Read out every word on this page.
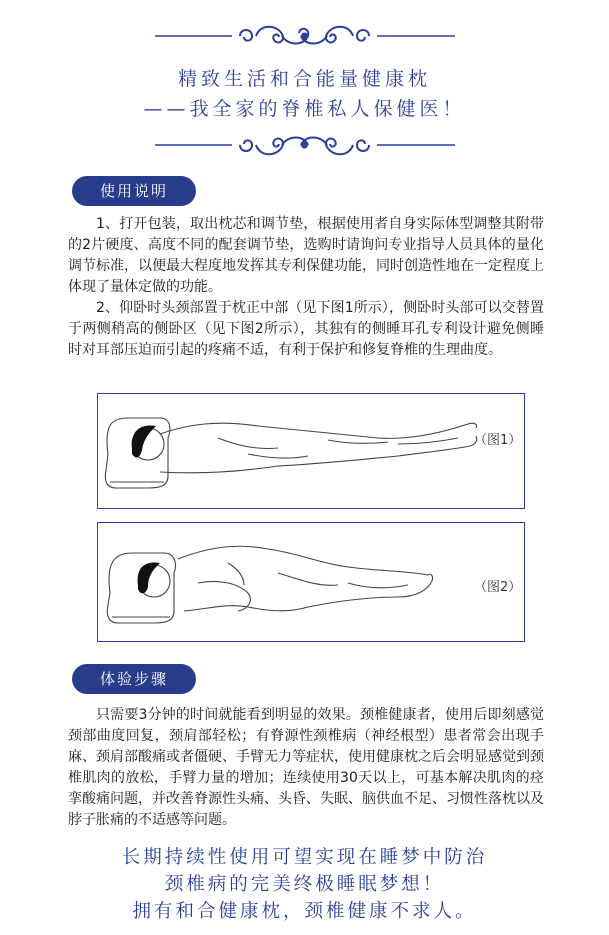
精致生活和合能量健康枕
——我全家的脊椎私人保健医！
使用说明

1、打开包装，取出枕芯和调节垫，根据使用者自身实际体型调整其附带的2片硬度、高度不同的配套调节垫，选购时请询问专业指导人员具体的量化调节标准，以便最大程度地发挥其专利保健功能，同时创造性地在一定程度上体现了量体定做的功能。

2、仰卧时头颈部置于枕正中部（见下图1所示），侧卧时头部可以交替置于两侧稍高的侧卧区（见下图2所示），其独有的侧睡耳孔专利设计避免侧睡时对耳部压迫而引起的疼痛不适，有利于保护和修复脊椎的生理曲度。

（图1）
（图2）
体验步骤

只需要3分钟的时间就能看到明显的效果。颈椎健康者，使用后即刻感觉颈部曲度回复，颈肩部轻松；有脊源性颈椎病（神经根型）患者常会出现手麻、颈肩部酸痛或者僵硬、手臂无力等症状，使用健康枕之后会明显感觉到颈椎肌肉的放松，手臂力量的增加；连续使用30天以上，可基本解决肌肉的痉挛酸痛问题，并改善脊源性头痛、头昏、失眠、脑供血不足、习惯性落枕以及脖子胀痛的不适感等问题。

长期持续性使用可望实现在睡梦中防治
颈椎病的完美终极睡眠梦想！
拥有和合健康枕，颈椎健康不求人。
